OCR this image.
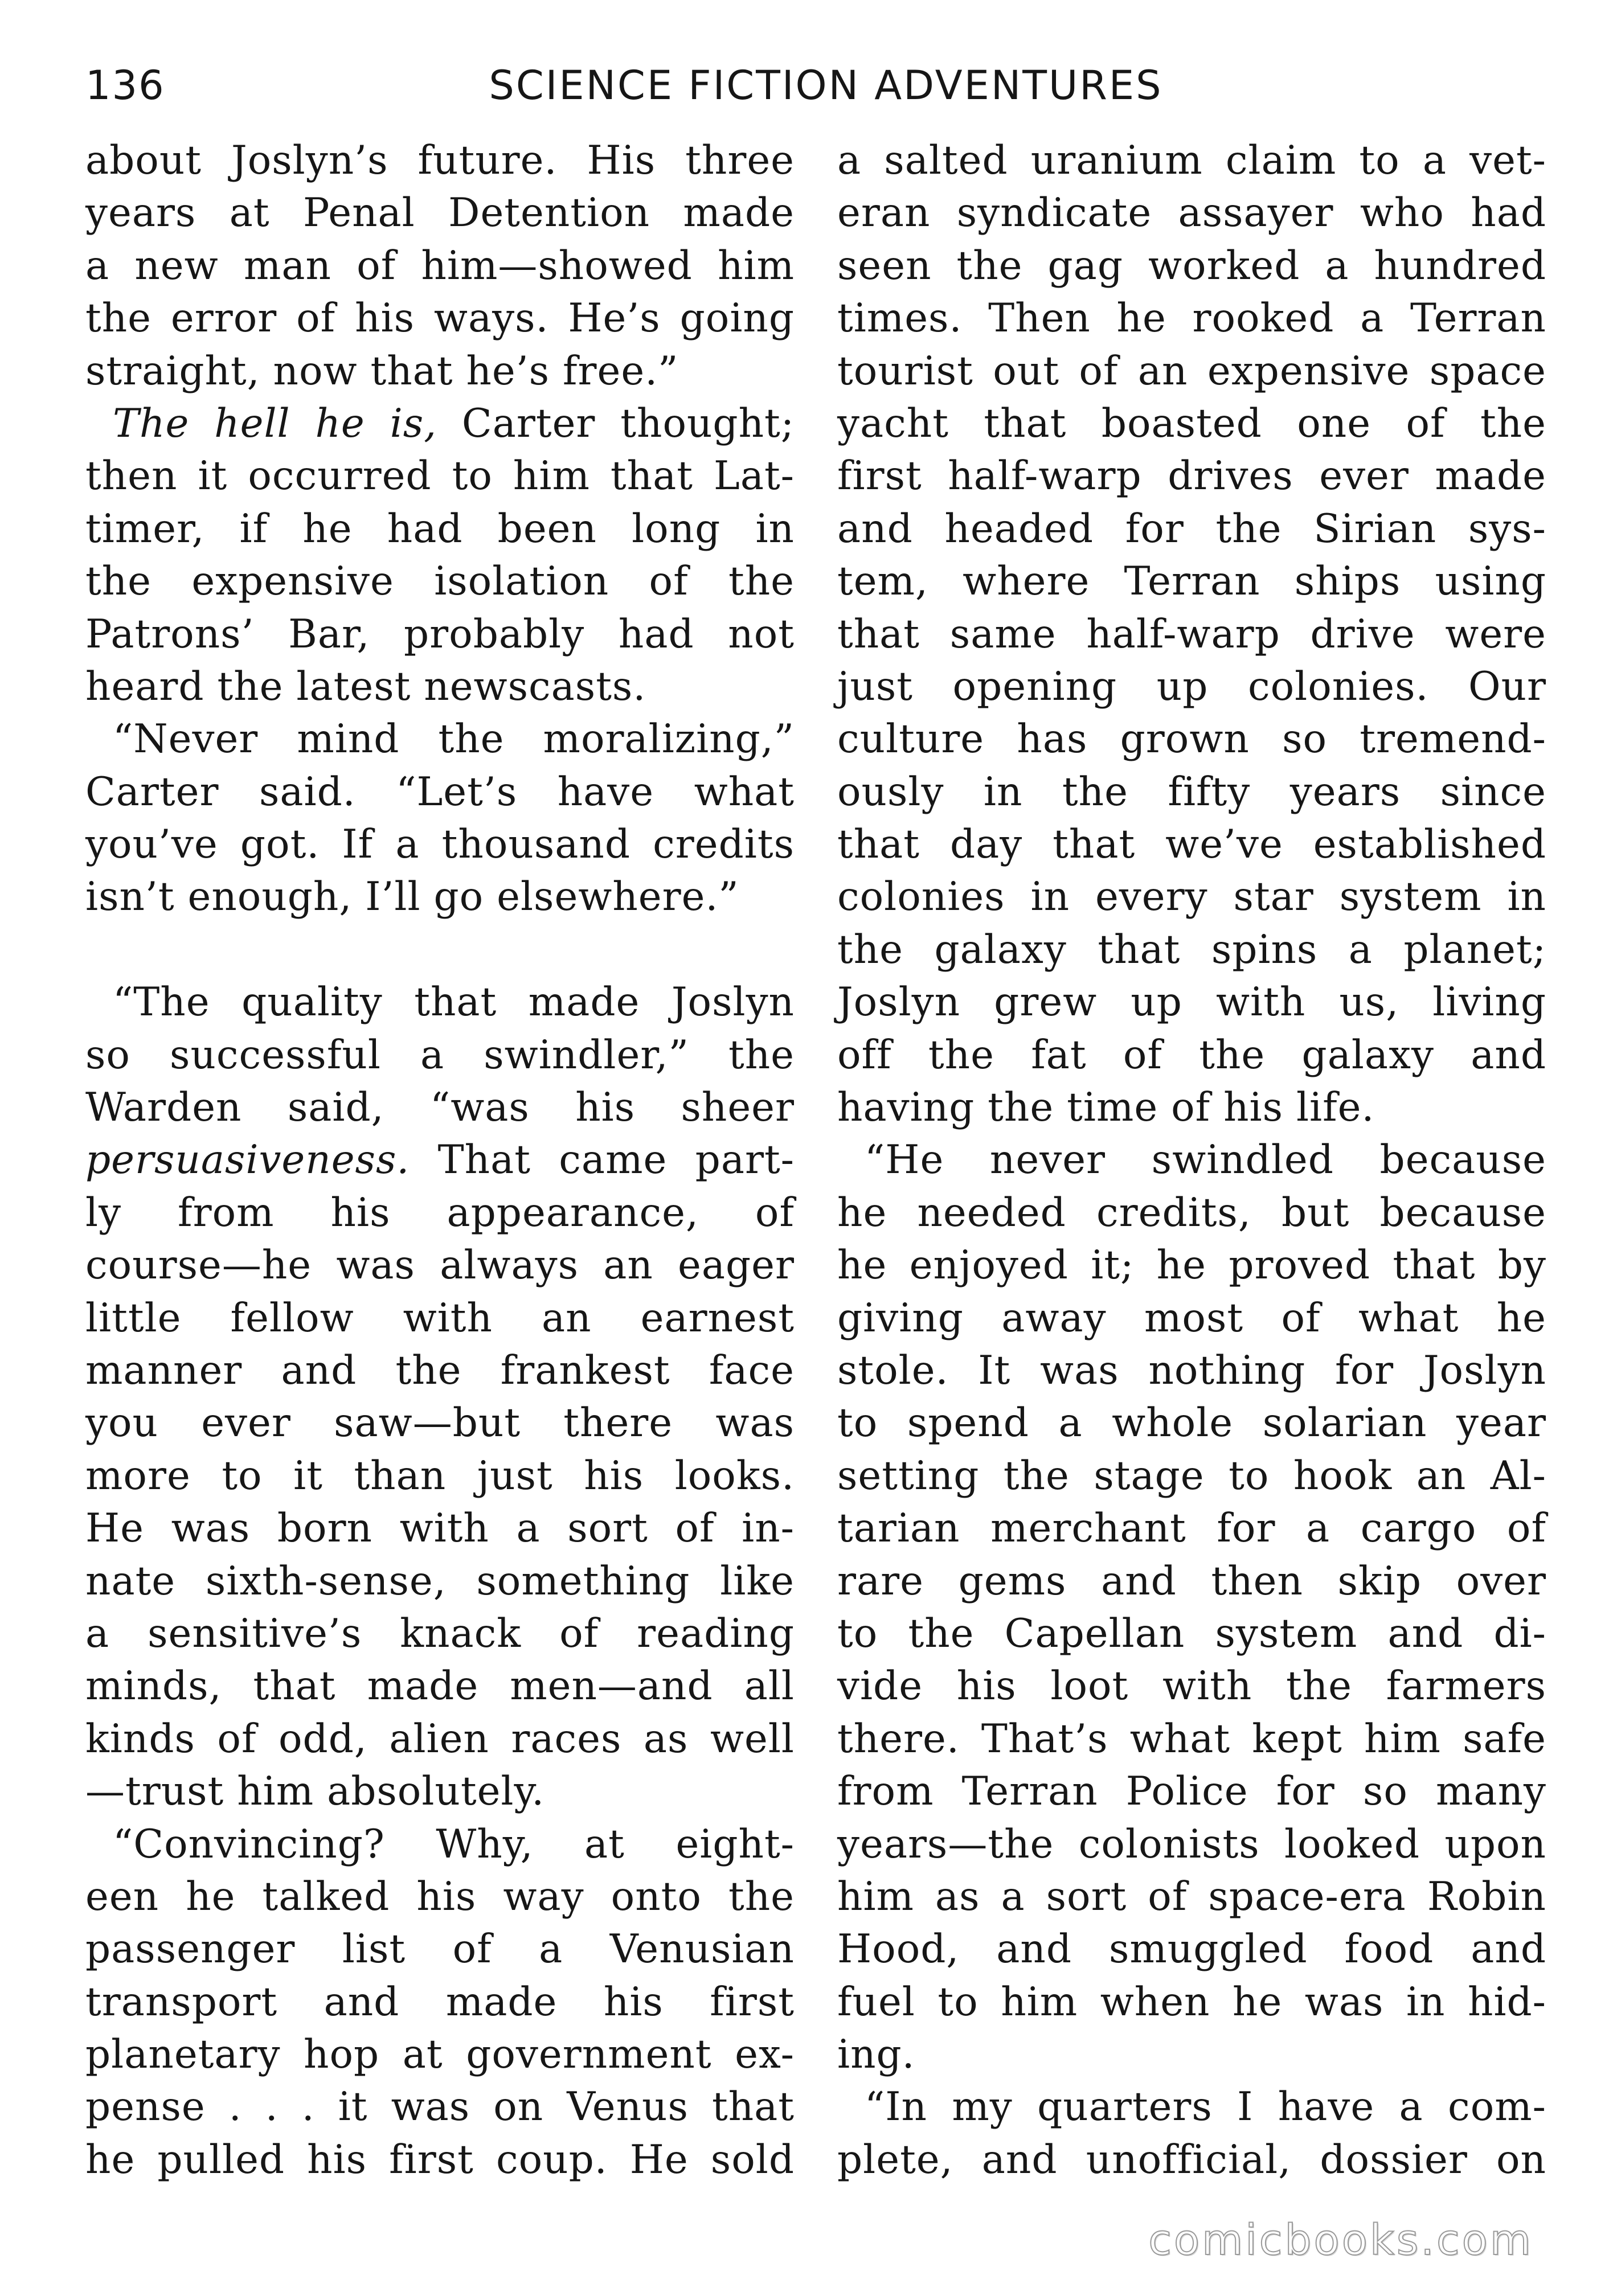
136	SCIENCE FICTION ADVENTURES
about Joslyn’s future. His three
years at Penal Detention made
a new man of him—showed him
the error of his ways. He’s going
straight, now that he’s free.”
The hell he is, Carter thought;
then it occurred to him that Lat-
timer, if he had been long in
the expensive isolation of the
Patrons’ Bar, probably had not
heard the latest newscasts.
“Never mind the moralizing,”
Carter said. “Let’s have what
you’ve got. If a thousand credits
isn’t enough, I’ll go elsewhere.”
“The quality that made Joslyn
so successful a swindler,” the
Warden said, “was his sheer
persuasiveness. That came part-
ly from his appearance, of
course—he was always an eager
little fellow with an earnest
manner and the frankest face
you ever saw—but there was
more to it than just his looks.
He was born with a sort of in-
nate sixth-sense, something like
a sensitive’s knack of reading
minds, that made men—and all
kinds of odd, alien races as well
—trust him absolutely.
“Convincing? Why, at eight-
een he talked his way onto the
passenger list of a Venusian
transport and made his first
planetary hop at government ex-
pense . . . it was on Venus that
he pulled his first coup. He sold
a salted uranium claim to a vet-
eran syndicate assayer who had
seen the gag worked a hundred
times. Then he rooked a Terran
tourist out of an expensive space
yacht that boasted one of the
first half-warp drives ever made
and headed for the Sirian sys-
tem, where Terran ships using
that same half-warp drive were
just opening up colonies. Our
culture has grown so tremend-
ously in the fifty years since
that day that we’ve established
colonies in every star system in
the galaxy that spins a planet;
Joslyn grew up with us, living
off the fat of the galaxy and
having the time of his life.
“He never swindled because
he needed credits, but because
he enjoyed it; he proved that by
giving away most of what he
stole. It was nothing for Joslyn
to spend a whole solarian year
setting the stage to hook an Al-
tarian merchant for a cargo of
rare gems and then skip over
to the Capellan system and di-
vide his loot with the farmers
there. That’s what kept him safe
from Terran Police for so many
years—the colonists looked upon
him as a sort of space-era Robin
Hood, and smuggled food and
fuel to him when he was in hid-
ing.
“In my quarters I have a com-
plete, and unofficial, dossier on
comicbooks.com
